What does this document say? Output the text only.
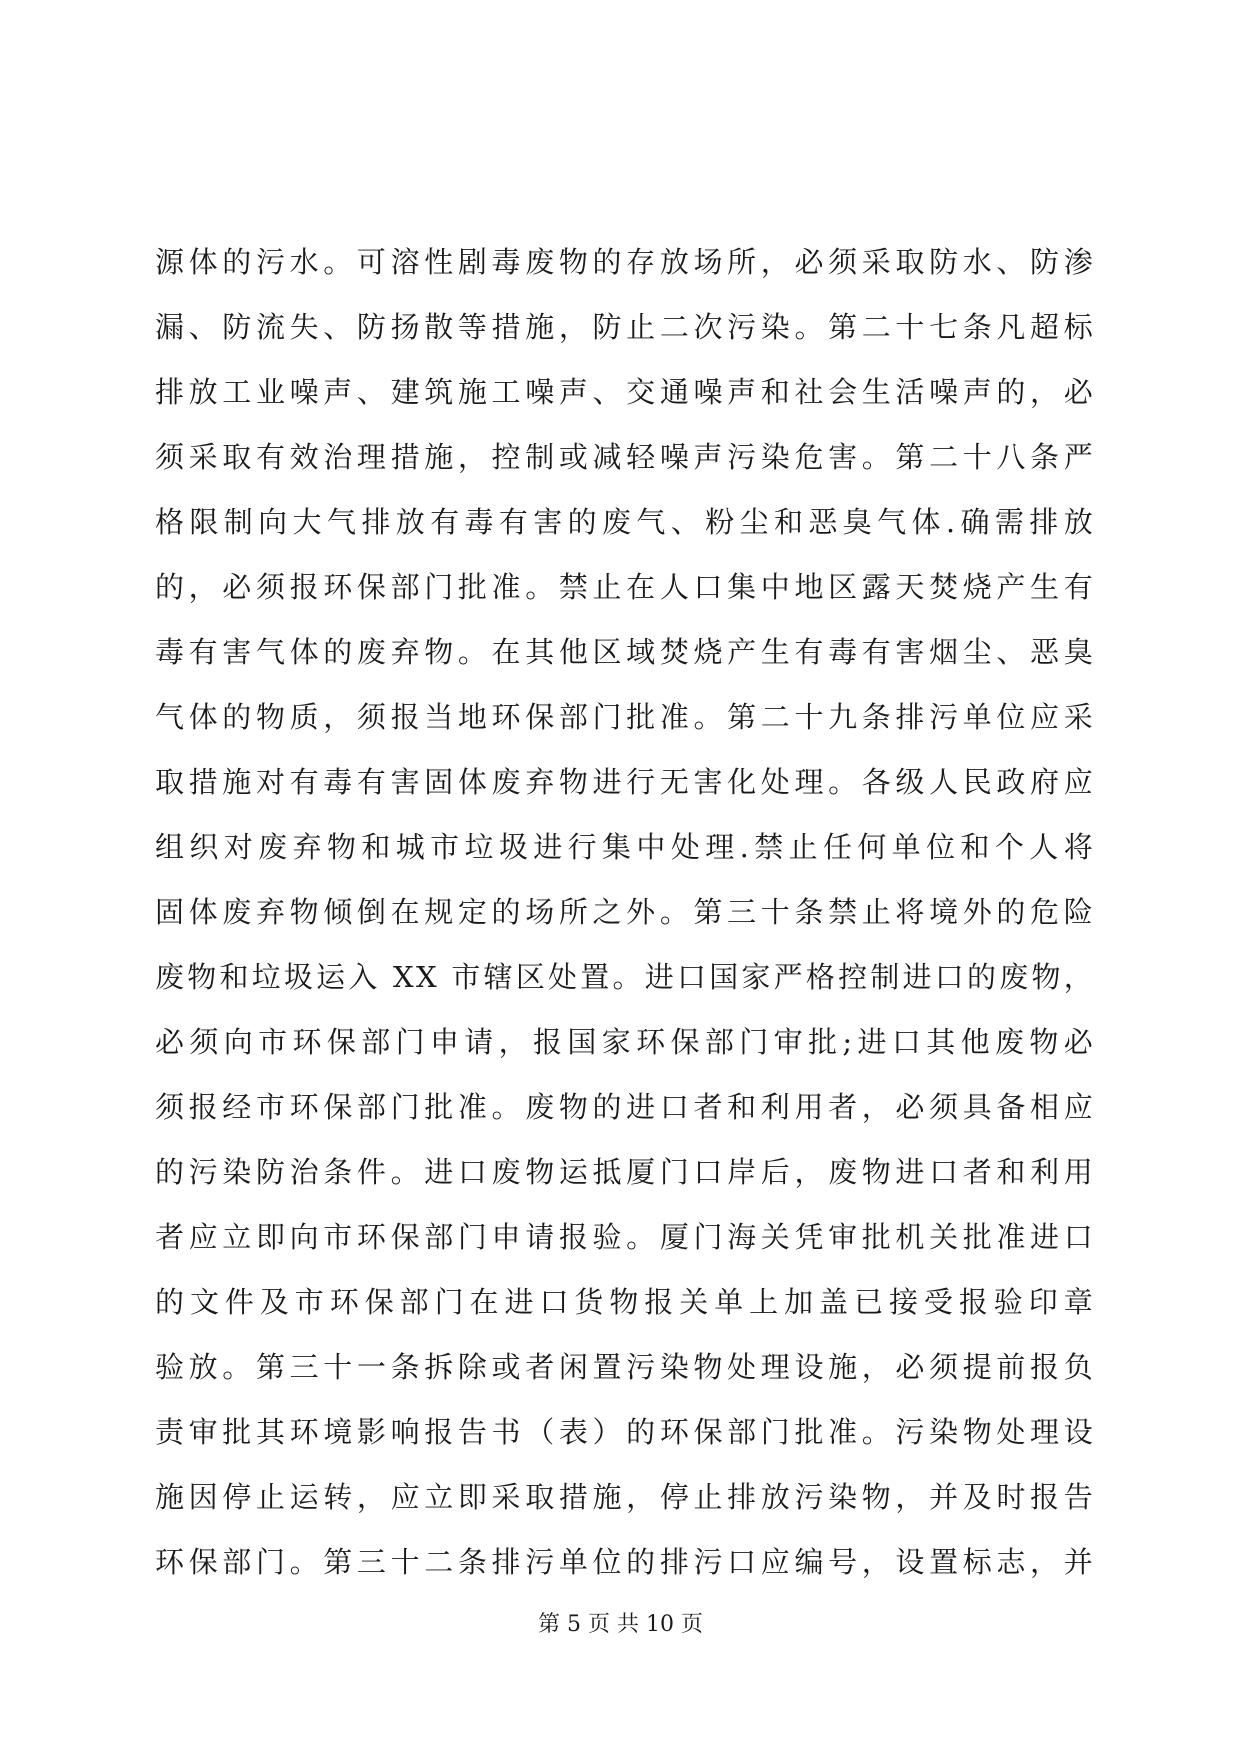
源体的污水。可溶性剧毒废物的存放场所，必须采取防水、防渗
漏、防流失、防扬散等措施，防止二次污染。第二十七条凡超标
排放工业噪声、建筑施工噪声、交通噪声和社会生活噪声的，必
须采取有效治理措施，控制或减轻噪声污染危害。第二十八条严
格限制向大气排放有毒有害的废气、粉尘和恶臭气体.确需排放
的，必须报环保部门批准。禁止在人口集中地区露天焚烧产生有
毒有害气体的废弃物。在其他区域焚烧产生有毒有害烟尘、恶臭
气体的物质，须报当地环保部门批准。第二十九条排污单位应采
取措施对有毒有害固体废弃物进行无害化处理。各级人民政府应
组织对废弃物和城市垃圾进行集中处理.禁止任何单位和个人将
固体废弃物倾倒在规定的场所之外。第三十条禁止将境外的危险
废物和垃圾运入 XX 市辖区处置。进口国家严格控制进口的废物，
必须向市环保部门申请，报国家环保部门审批;进口其他废物必
须报经市环保部门批准。废物的进口者和利用者，必须具备相应
的污染防治条件。进口废物运抵厦门口岸后，废物进口者和利用
者应立即向市环保部门申请报验。厦门海关凭审批机关批准进口
的文件及市环保部门在进口货物报关单上加盖已接受报验印章
验放。第三十一条拆除或者闲置污染物处理设施，必须提前报负
责审批其环境影响报告书（表）的环保部门批准。污染物处理设
施因停止运转，应立即采取措施，停止排放污染物，并及时报告
环保部门。第三十二条排污单位的排污口应编号，设置标志，并
第 5 页 共 10 页
